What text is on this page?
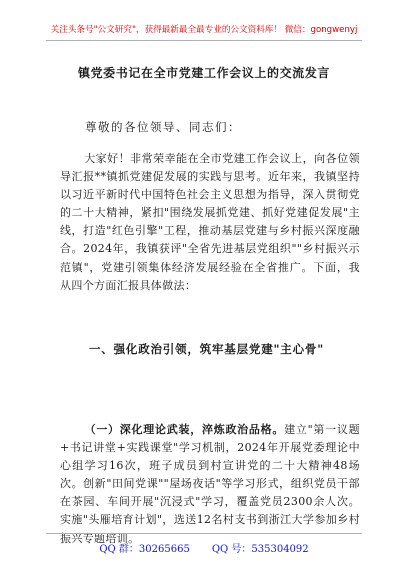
关注头条号"公文研究"，获得最新最全最专业的公文资料库！ 微信：gongwenyj
镇党委书记在全市党建工作会议上的交流发言
尊敬的各位领导、同志们：
大家好！非常荣幸能在全市党建工作会议上，向各位领导汇报**镇抓党建促发展的实践与思考。近年来，我镇坚持以习近平新时代中国特色社会主义思想为指导，深入贯彻党的二十大精神，紧扣"围绕发展抓党建、抓好党建促发展"主线，打造"红色引擎"工程，推动基层党建与乡村振兴深度融合。2024年，我镇获评"全省先进基层党组织""乡村振兴示范镇"，党建引领集体经济发展经验在全省推广。下面，我从四个方面汇报具体做法：
一、强化政治引领，筑牢基层党建"主心骨"
（一）深化理论武装，淬炼政治品格。建立"第一议题+书记讲堂+实践课堂"学习机制，2024年开展党委理论中心组学习16次，班子成员到村宣讲党的二十大精神48场次。创新"田间党课""屋场夜话"等学习形式，组织党员干部在茶园、车间开展"沉浸式"学习，覆盖党员2300余人次。实施"头雁培育计划"，选送12名村支书到浙江大学参加乡村振兴专题培训。
QQ 群：30265665 QQ 号：535304092
